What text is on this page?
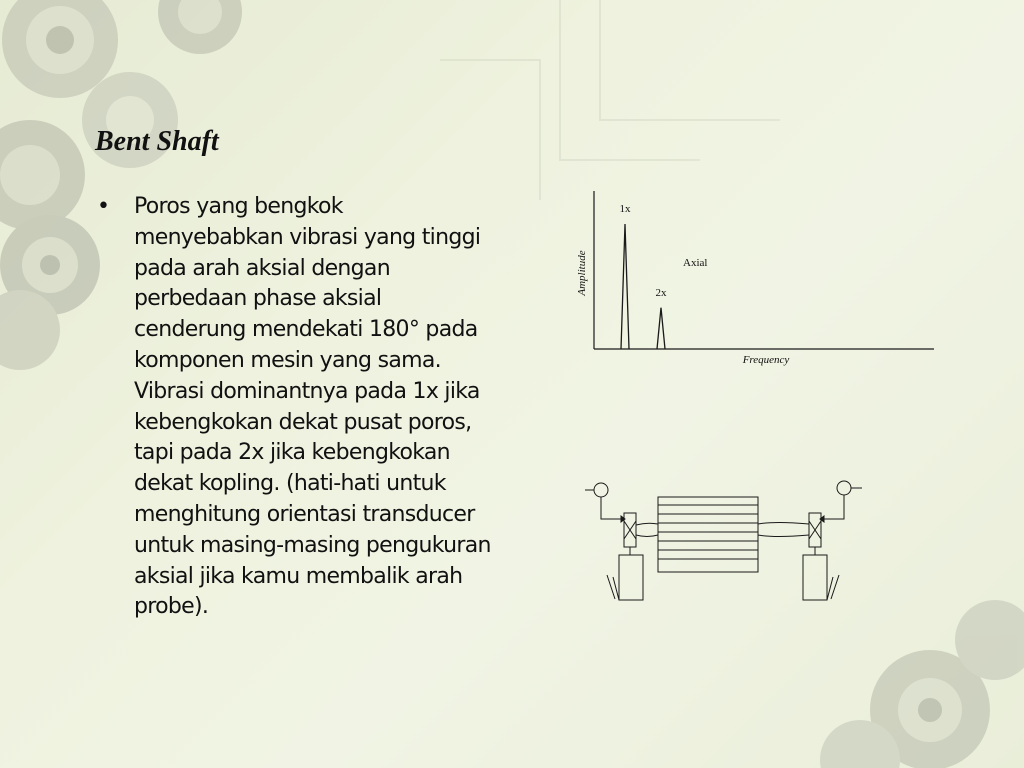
Bent Shaft
• Poros yang bengkok menyebabkan vibrasi yang tinggi pada arah aksial dengan perbedaan phase aksial cenderung mendekati 180° pada komponen mesin yang sama. Vibrasi dominantnya pada 1x jika kebengkokan dekat pusat poros, tapi pada 2x jika kebengkokan dekat kopling. (hati-hati untuk menghitung orientasi transducer untuk masing-masing pengukuran aksial jika kamu membalik arah probe).
Amplitude
Frequency
Axial
1x
2x
